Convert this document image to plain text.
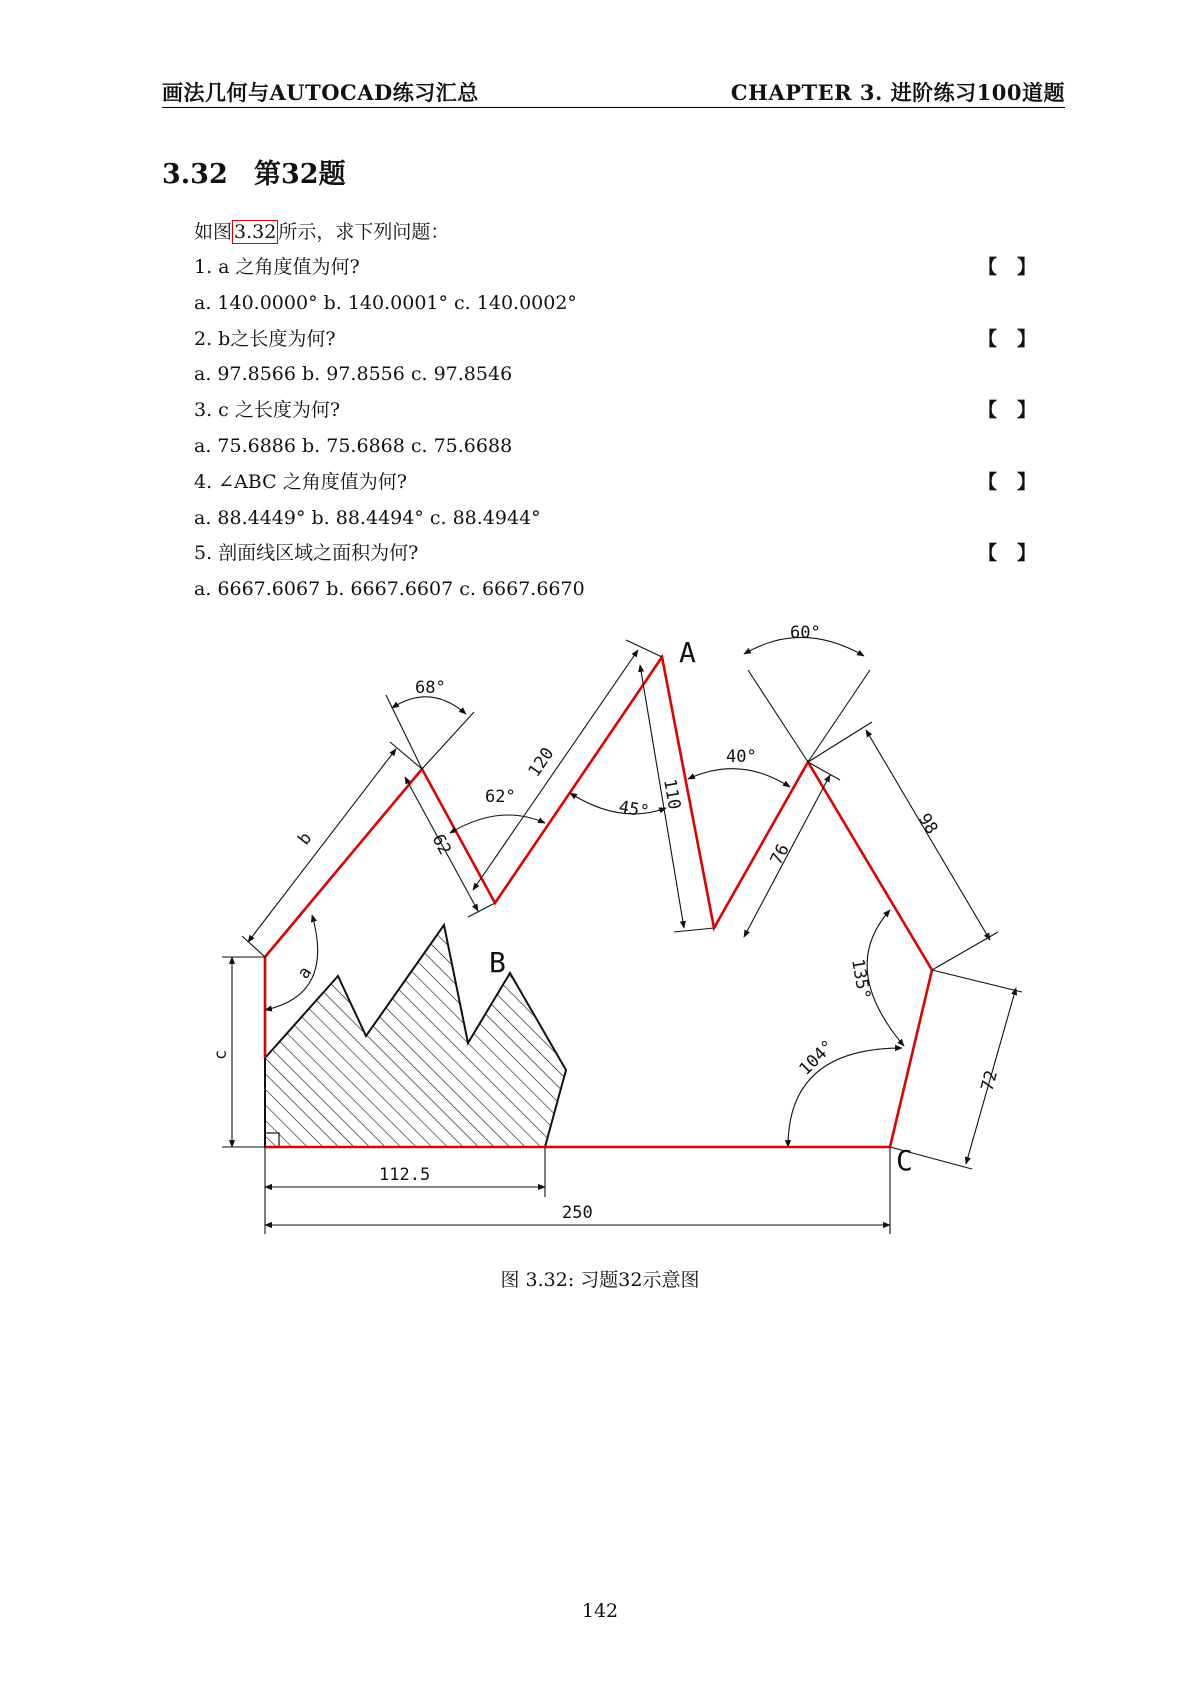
画法几何与AUTOCAD练习汇总	CHAPTER 3. 进阶练习100道题
3.32 第32题
如图 3.32 所示，求下列问题：
1. a 之角度值为何?	【】
a. 140.0000° b. 140.0001° c. 140.0002°
2. b之长度为何?	【】
a. 97.8566 b. 97.8556 c. 97.8546
3. c 之长度为何?	【】
a. 75.6886 b. 75.6868 c. 75.6688
4. ∠ABC 之角度值为何?	【】
a. 88.4449° b. 88.4494° c. 88.4944°
5. 剖面线区域之面积为何?	【】
a. 6667.6067 b. 6667.6607 c. 6667.6670
A
B
C
68°
62°
45°
60°
40°
135°
104°
a
b
c
62
120
110
76
98
72
112.5
250
图 3.32: 习题32示意图
142
